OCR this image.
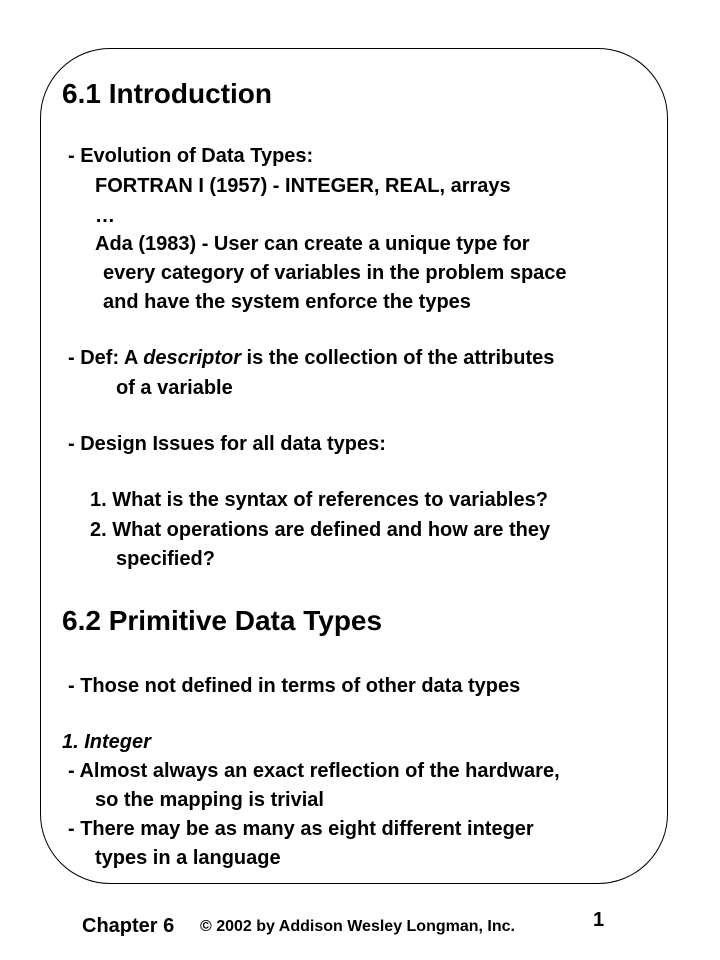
6.1 Introduction
- Evolution of Data Types:
FORTRAN I (1957) - INTEGER, REAL, arrays
…
Ada (1983) - User can create a unique type for
every category of variables in the problem space
and have the system enforce the types
- Def: A descriptor is the collection of the attributes
of a variable
- Design Issues for all data types:
1. What is the syntax of references to variables?
2. What operations are defined and how are they
specified?
6.2 Primitive Data Types
- Those not defined in terms of other data types
1. Integer
- Almost always an exact reflection of the hardware,
so the mapping is trivial
- There may be as many as eight different integer
types in a language
Chapter 6 © 2002 by Addison Wesley Longman, Inc.	1
